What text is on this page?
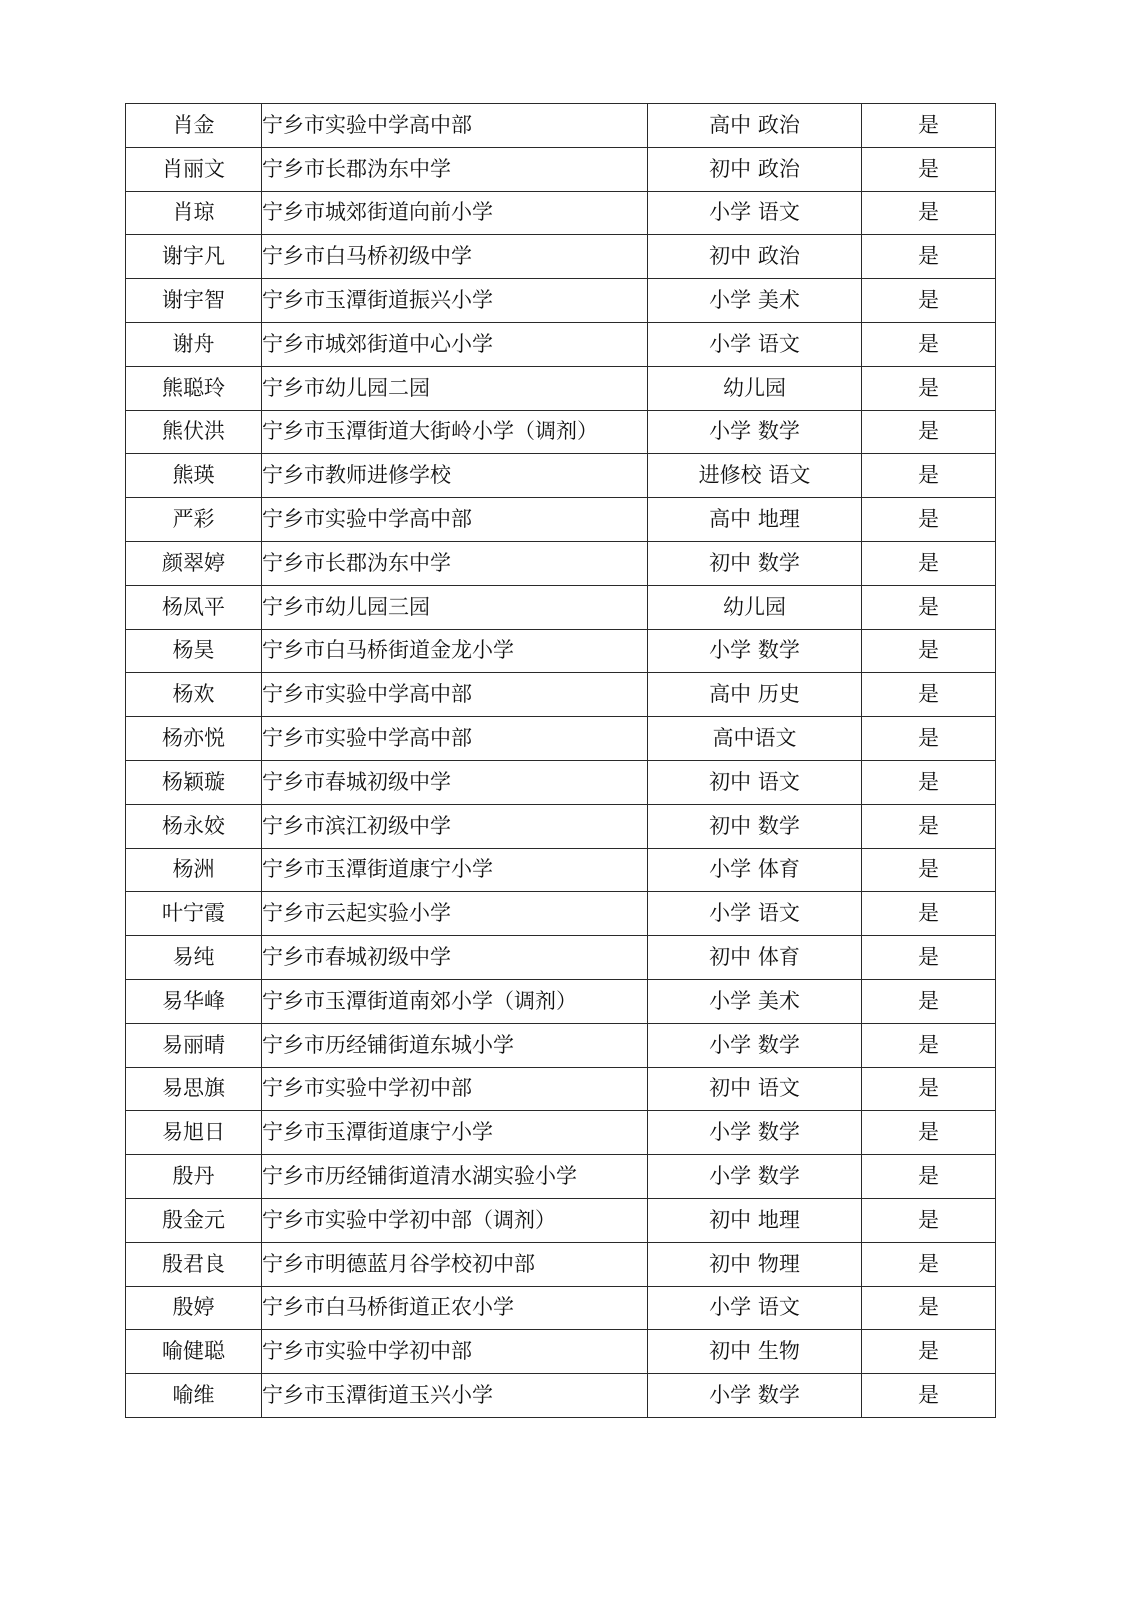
肖金	宁乡市实验中学高中部	高中 政治	是
肖丽文	宁乡市长郡沩东中学	初中 政治	是
肖琼	宁乡市城郊街道向前小学	小学 语文	是
谢宇凡	宁乡市白马桥初级中学	初中 政治	是
谢宇智	宁乡市玉潭街道振兴小学	小学 美术	是
谢舟	宁乡市城郊街道中心小学	小学 语文	是
熊聪玲	宁乡市幼儿园二园	幼儿园	是
熊伏洪	宁乡市玉潭街道大街岭小学（调剂）	小学 数学	是
熊瑛	宁乡市教师进修学校	进修校 语文	是
严彩	宁乡市实验中学高中部	高中 地理	是
颜翠婷	宁乡市长郡沩东中学	初中 数学	是
杨凤平	宁乡市幼儿园三园	幼儿园	是
杨昊	宁乡市白马桥街道金龙小学	小学 数学	是
杨欢	宁乡市实验中学高中部	高中 历史	是
杨亦悦	宁乡市实验中学高中部	高中语文	是
杨颖璇	宁乡市春城初级中学	初中 语文	是
杨永姣	宁乡市滨江初级中学	初中 数学	是
杨洲	宁乡市玉潭街道康宁小学	小学 体育	是
叶宁霞	宁乡市云起实验小学	小学 语文	是
易纯	宁乡市春城初级中学	初中 体育	是
易华峰	宁乡市玉潭街道南郊小学（调剂）	小学 美术	是
易丽晴	宁乡市历经铺街道东城小学	小学 数学	是
易思旗	宁乡市实验中学初中部	初中 语文	是
易旭日	宁乡市玉潭街道康宁小学	小学 数学	是
殷丹	宁乡市历经铺街道清水湖实验小学	小学 数学	是
殷金元	宁乡市实验中学初中部（调剂）	初中 地理	是
殷君良	宁乡市明德蓝月谷学校初中部	初中 物理	是
殷婷	宁乡市白马桥街道正农小学	小学 语文	是
喻健聪	宁乡市实验中学初中部	初中 生物	是
喻维	宁乡市玉潭街道玉兴小学	小学 数学	是
